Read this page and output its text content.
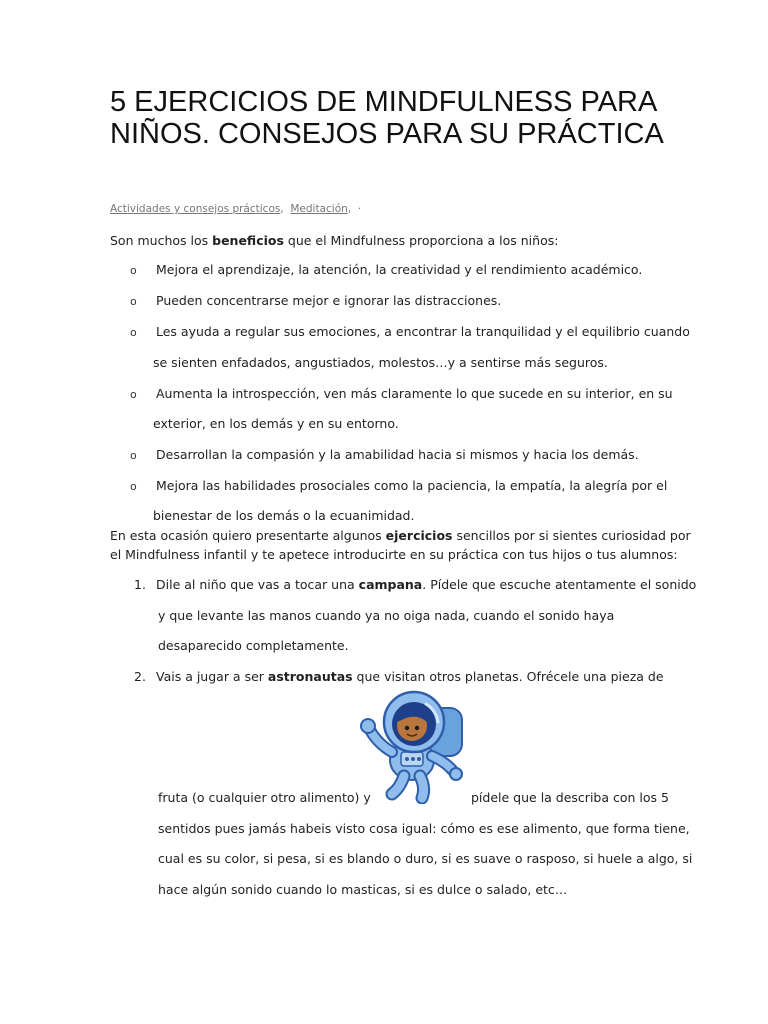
5 EJERCICIOS DE MINDFULNESS PARA NIÑOS. CONSEJOS PARA SU PRÁCTICA
Actividades y consejos prácticos, Meditación, ·
Son muchos los beneficios que el Mindfulness proporciona a los niños:
o Mejora el aprendizaje, la atención, la creatividad y el rendimiento académico.
o Pueden concentrarse mejor e ignorar las distracciones.
o Les ayuda a regular sus emociones, a encontrar la tranquilidad y el equilibrio cuando
se sienten enfadados, angustiados, molestos…y a sentirse más seguros.
o Aumenta la introspección, ven más claramente lo que sucede en su interior, en su
exterior, en los demás y en su entorno.
o Desarrollan la compasión y la amabilidad hacia si mismos y hacia los demás.
o Mejora las habilidades prosociales como la paciencia, la empatía, la alegría por el
bienestar de los demás o la ecuanimidad.
En esta ocasión quiero presentarte algunos ejercicios sencillos por si sientes curiosidad por
el Mindfulness infantil y te apetece introducirte en su práctica con tus hijos o tus alumnos:
1. Dile al niño que vas a tocar una campana. Pídele que escuche atentamente el sonido
y que levante las manos cuando ya no oiga nada, cuando el sonido haya
desaparecido completamente.
2. Vais a jugar a ser astronautas que visitan otros planetas. Ofrécele una pieza de
fruta (o cualquier otro alimento) y	pídele que la describa con los 5
sentidos pues jamás habeis visto cosa igual: cómo es ese alimento, que forma tiene,
cual es su color, si pesa, si es blando o duro, si es suave o rasposo, si huele a algo, si
hace algún sonido cuando lo masticas, si es dulce o salado, etc…
